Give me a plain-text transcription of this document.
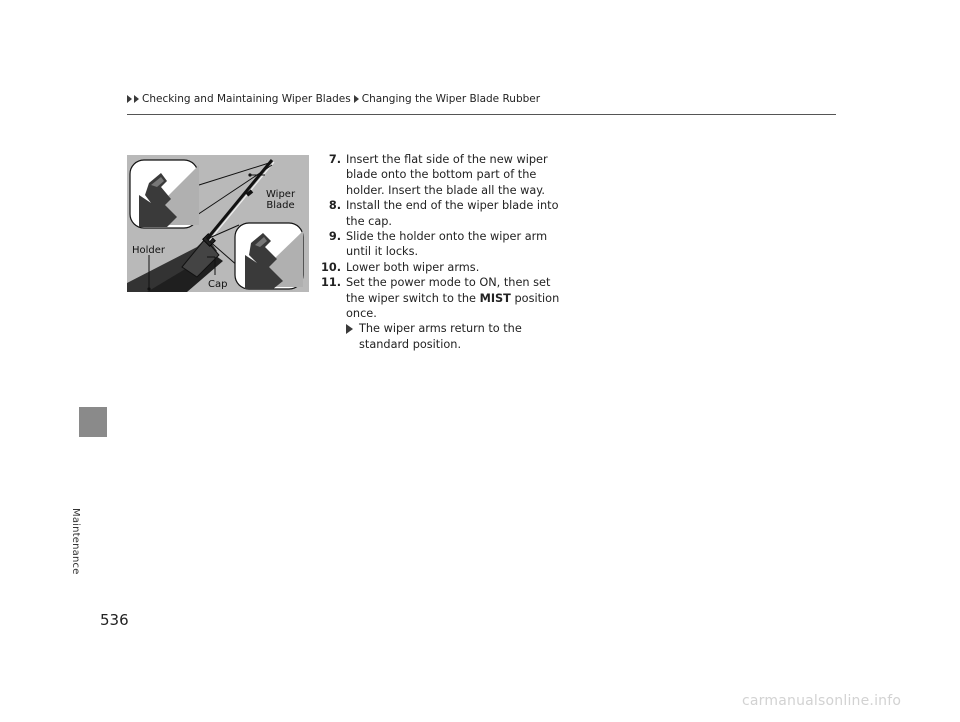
Checking and Maintaining Wiper Blades Changing the Wiper Blade Rubber
Maintenance
Wiper
Blade
Holder
Cap
7. Insert the flat side of the new wiper blade onto the bottom part of the holder. Insert the blade all the way.
8. Install the end of the wiper blade into the cap.
9. Slide the holder onto the wiper arm until it locks.
10. Lower both wiper arms.
11. Set the power mode to ON, then set the wiper switch to the MIST position once.
The wiper arms return to the standard position.
536
carmanualsonline.info
